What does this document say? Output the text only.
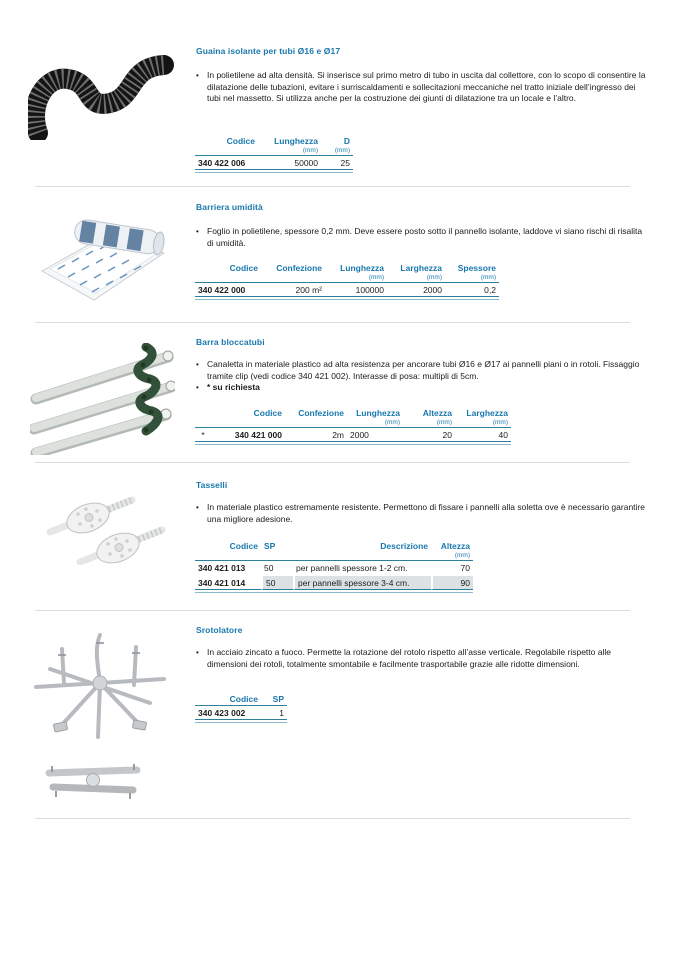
Guaina isolante per tubi Ø16 e Ø17
• In polietilene ad alta densità. Si inserisce sul primo metro di tubo in uscita dal collettore, con lo scopo di consentire la dilatazione delle tubazioni, evitare i surriscaldamenti e sollecitazioni meccaniche nel tratto iniziale dell’ingresso dei tubi nel massetto. Si utilizza anche per la costruzione dei giunti di dilatazione tra un locale e l’altro.
Codice	Lunghezza	D
	(mm)	(mm)
340 422 006	50000	25
Barriera umidità
• Foglio in polietilene, spessore 0,2 mm. Deve essere posto sotto il pannello isolante, laddove vi siano rischi di risalita di umidità.
Codice	Confezione	Lunghezza	Larghezza	Spessore
		(mm)	(mm)	(mm)
340 422 000	200 m²	100000	2000	0,2
Barra bloccatubi
• Canaletta in materiale plastico ad alta resistenza per ancorare tubi Ø16 e Ø17 ai pannelli piani o in rotoli. Fissaggio tramite clip (vedi codice 340 421 002). Interasse di posa: multipli di 5cm.
• * su richiesta
	Codice	Confezione	Lunghezza	Altezza	Larghezza
			(mm)	(mm)	(mm)
*	340 421 000	2m	2000	20	40
Tasselli
• In materiale plastico estremamente resistente. Permettono di fissare i pannelli alla soletta ove è necessario garantire una migliore adesione.
Codice	SP	Descrizione	Altezza
			(mm)
340 421 013	50	per pannelli spessore 1-2 cm.	70
340 421 014	50	per pannelli spessore 3-4 cm.	90
Srotolatore
• In acciaio zincato a fuoco. Permette la rotazione del rotolo rispetto all’asse verticale. Regolabile rispetto alle dimensioni dei rotoli, totalmente smontabile e facilmente trasportabile grazie alle ridotte dimensioni.
Codice	SP
340 423 002	1
